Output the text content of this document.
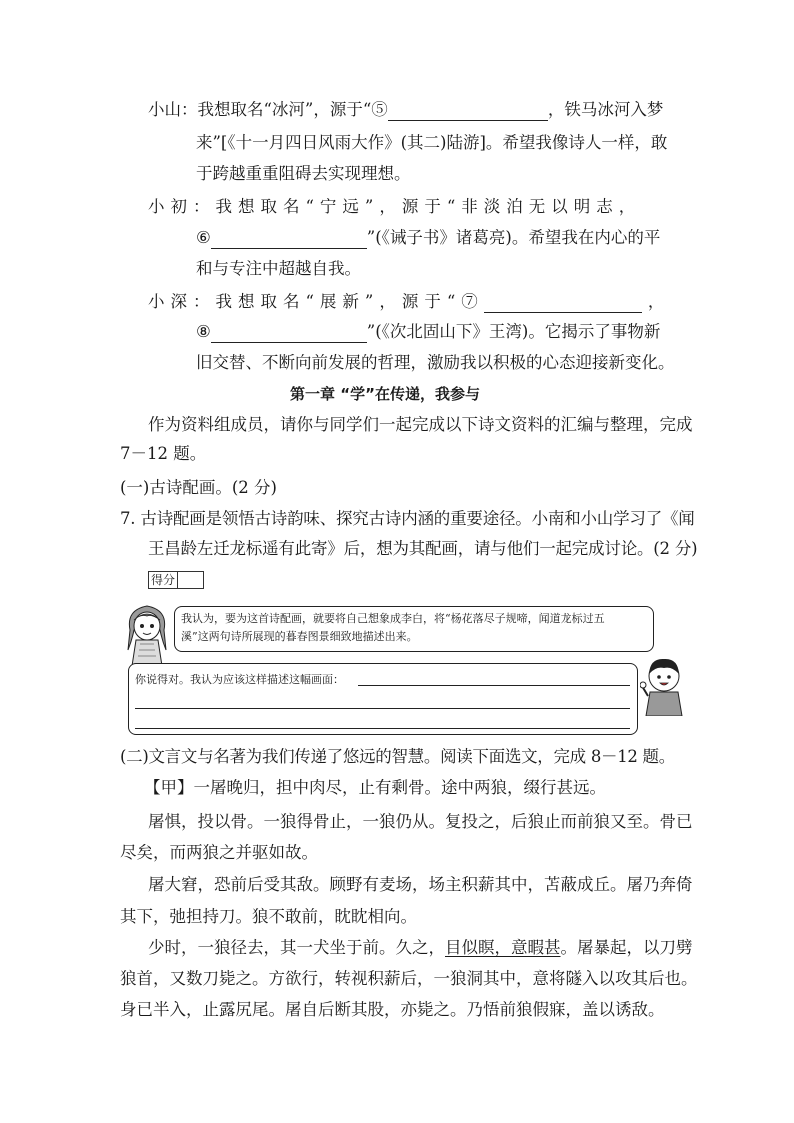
小山：我想取名“冰河”，源于“⑤	，铁马冰河入梦
来”[《十一月四日风雨大作》(其二)陆游]。希望我像诗人一样，敢
于跨越重重阻碍去实现理想。
小初：我想取名“宁远”，源于“非淡泊无以明志，
⑥	”(《诫子书》诸葛亮)。希望我在内心的平
和与专注中超越自我。
小深：我想取名“展新”，源于“⑦	，
⑧	”(《次北固山下》王湾)。它揭示了事物新
旧交替、不断向前发展的哲理，激励我以积极的心态迎接新变化。
第一章 “学”在传递，我参与
作为资料组成员，请你与同学们一起完成以下诗文资料的汇编与整理，完成
7－12 题。
(一)古诗配画。(2 分)
7. 古诗配画是领悟古诗韵味、探究古诗内涵的重要途径。小南和小山学习了《闻
王昌龄左迁龙标遥有此寄》后，想为其配画，请与他们一起完成讨论。(2 分)
得分
我认为，要为这首诗配画，就要将自己想象成李白，将“杨花落尽子规啼，闻道龙标过五
溪”这两句诗所展现的暮春图景细致地描述出来。
你说得对。我认为应该这样描述这幅画面：
(二)文言文与名著为我们传递了悠远的智慧。阅读下面选文，完成 8－12 题。
【甲】一屠晚归，担中肉尽，止有剩骨。途中两狼，缀行甚远。
屠惧，投以骨。一狼得骨止，一狼仍从。复投之，后狼止而前狼又至。骨已
尽矣，而两狼之并驱如故。
屠大窘，恐前后受其敌。顾野有麦场，场主积薪其中，苫蔽成丘。屠乃奔倚
其下，弛担持刀。狼不敢前，眈眈相向。
少时，一狼径去，其一犬坐于前。久之，目似瞑，意暇甚。屠暴起，以刀劈
狼首，又数刀毙之。方欲行，转视积薪后，一狼洞其中，意将隧入以攻其后也。
身已半入，止露尻尾。屠自后断其股，亦毙之。乃悟前狼假寐，盖以诱敌。
